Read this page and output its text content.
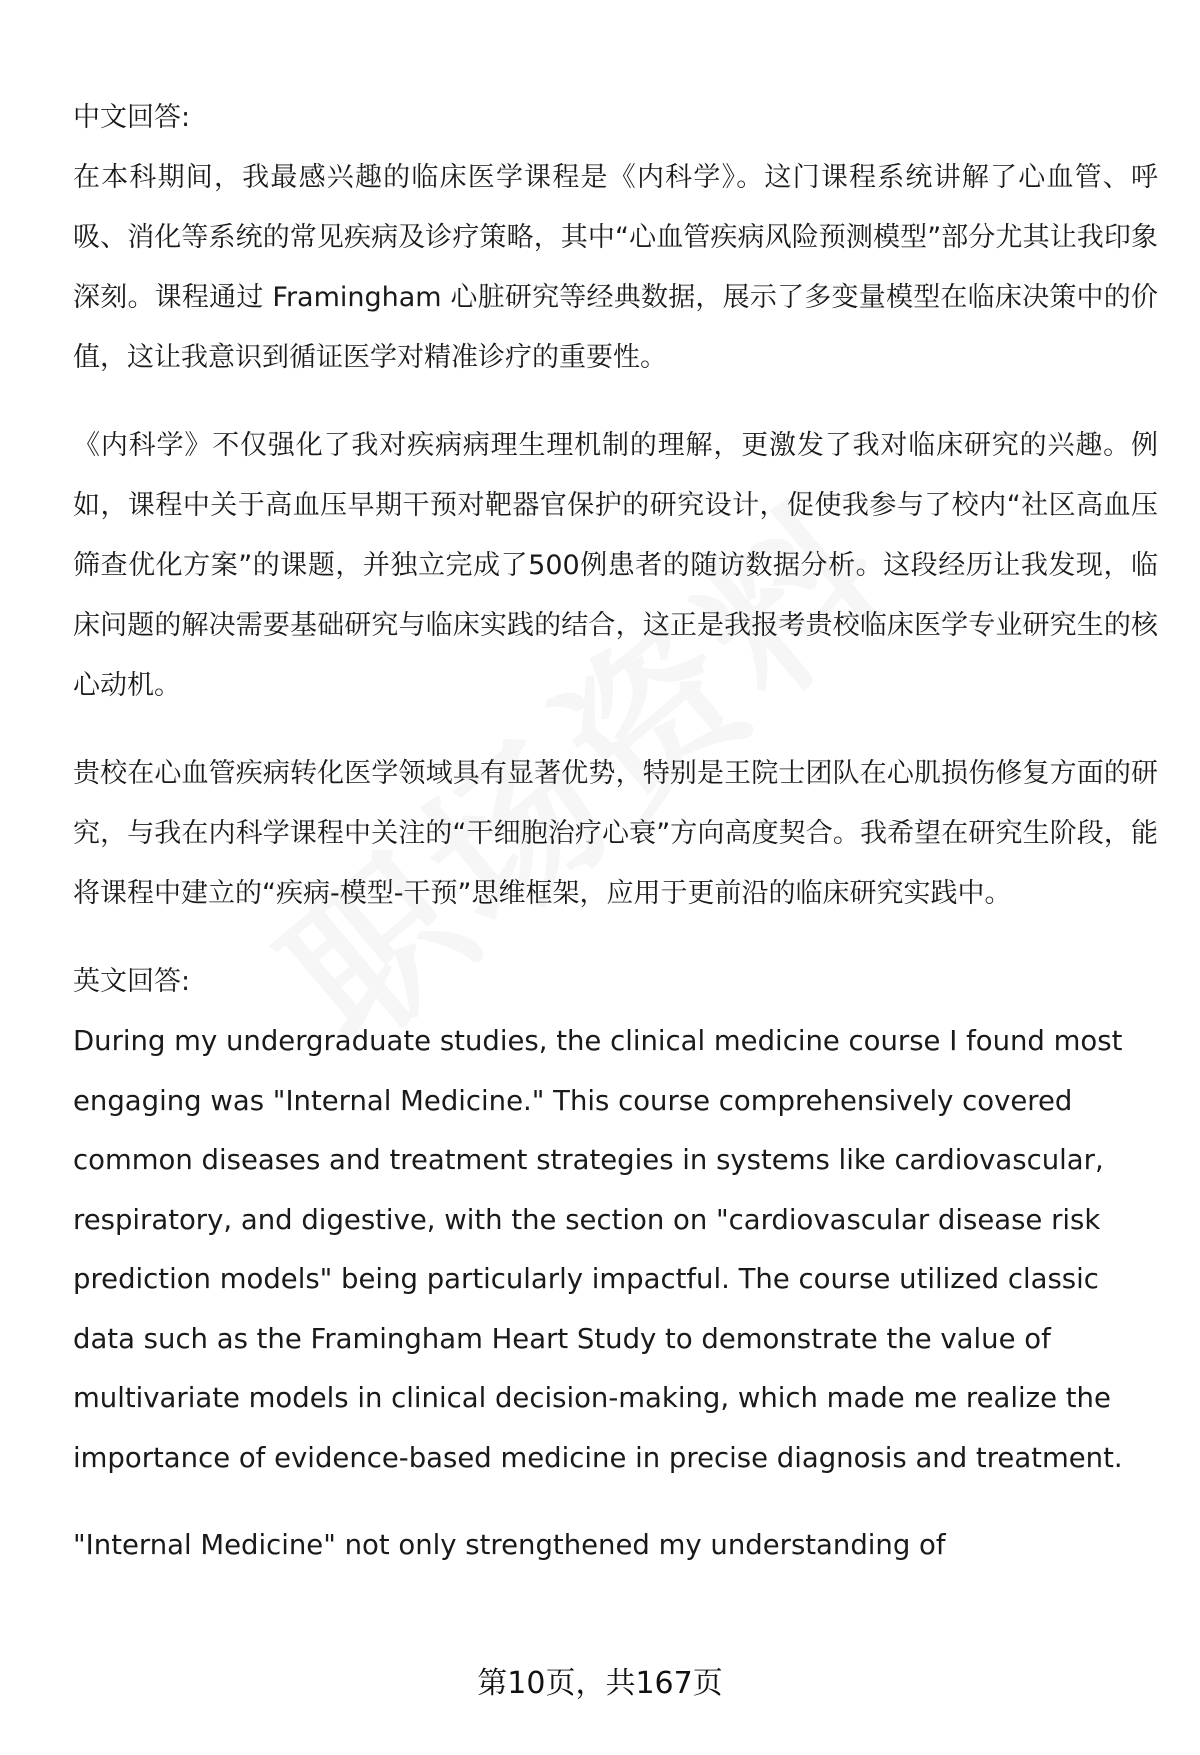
中文回答:

在本科期间，我最感兴趣的临床医学课程是《内科学》。这门课程系统讲解了心血管、呼吸、消化等系统的常见疾病及诊疗策略，其中“心血管疾病风险预测模型”部分尤其让我印象深刻。课程通过 Framingham 心脏研究等经典数据，展示了多变量模型在临床决策中的价值，这让我意识到循证医学对精准诊疗的重要性。

《内科学》不仅强化了我对疾病病理生理机制的理解，更激发了我对临床研究的兴趣。例如，课程中关于高血压早期干预对靶器官保护的研究设计，促使我参与了校内“社区高血压筛查优化方案”的课题，并独立完成了500例患者的随访数据分析。这段经历让我发现，临床问题的解决需要基础研究与临床实践的结合，这正是我报考贵校临床医学专业研究生的核心动机。

贵校在心血管疾病转化医学领域具有显著优势，特别是王院士团队在心肌损伤修复方面的研究，与我在内科学课程中关注的“干细胞治疗心衰”方向高度契合。我希望在研究生阶段，能将课程中建立的“疾病-模型-干预”思维框架，应用于更前沿的临床研究实践中。

英文回答:

During my undergraduate studies, the clinical medicine course I found most engaging was "Internal Medicine." This course comprehensively covered common diseases and treatment strategies in systems like cardiovascular, respiratory, and digestive, with the section on "cardiovascular disease risk prediction models" being particularly impactful. The course utilized classic data such as the Framingham Heart Study to demonstrate the value of multivariate models in clinical decision-making, which made me realize the importance of evidence-based medicine in precise diagnosis and treatment.

"Internal Medicine" not only strengthened my understanding of

第10页，共167页
